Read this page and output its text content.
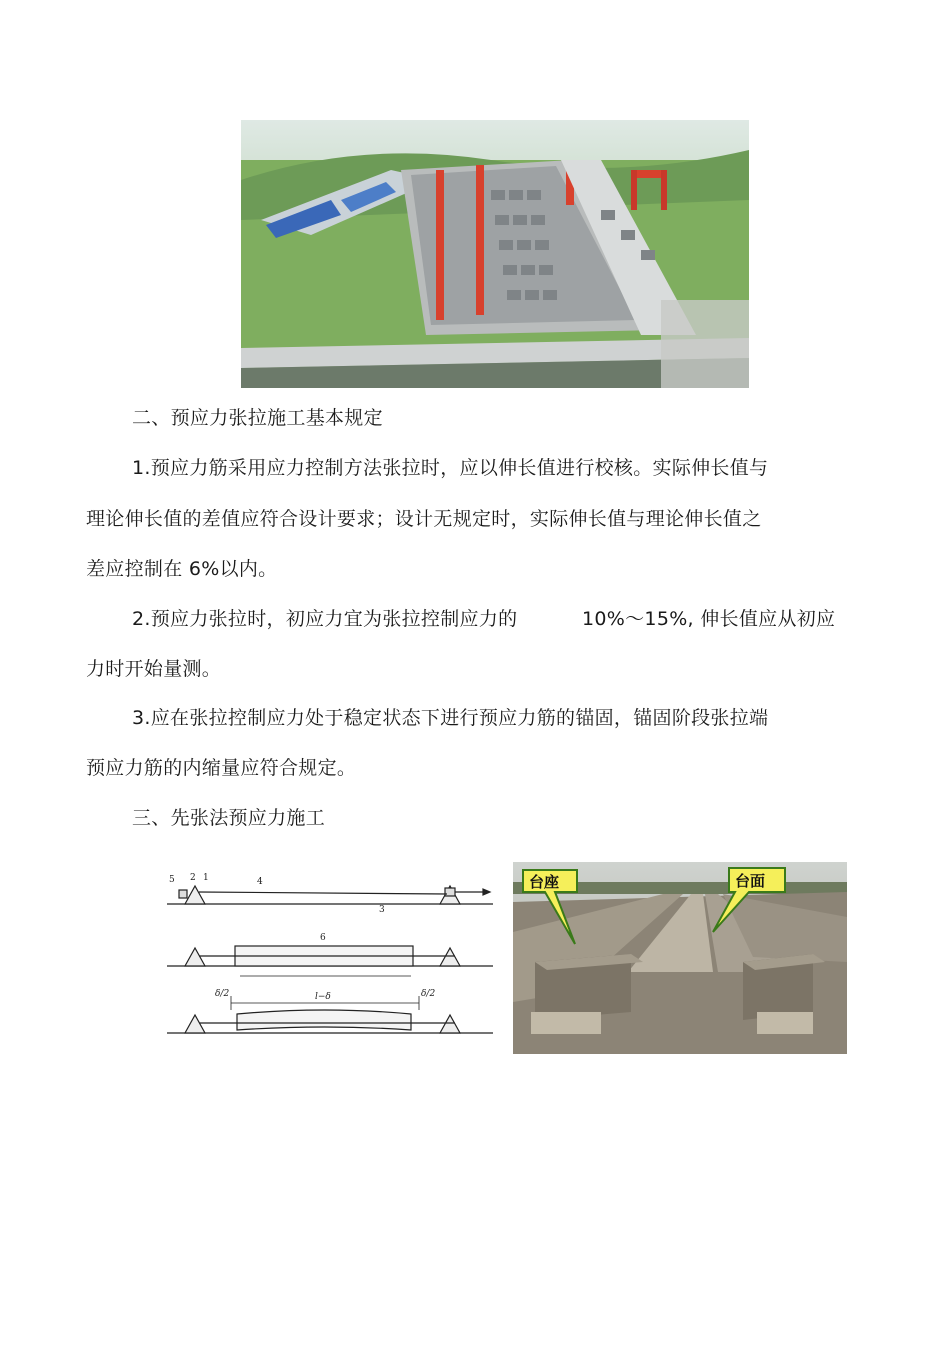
二、预应力张拉施工基本规定
1.预应力筋采用应力控制方法张拉时，应以伸长值进行校核。实际伸长值与
理论伸长值的差值应符合设计要求；设计无规定时，实际伸长值与理论伸长值之
差应控制在 6%以内。
2.预应力张拉时，初应力宜为张拉控制应力的	10%～15%, 伸长值应从初应
力时开始量测。
3.应在张拉控制应力处于稳定状态下进行预应力筋的锚固，锚固阶段张拉端
预应力筋的内缩量应符合规定。
三、先张法预应力施工
5 2 1	4
3
6
δ/2	l−δ	δ/2
台座	台面
